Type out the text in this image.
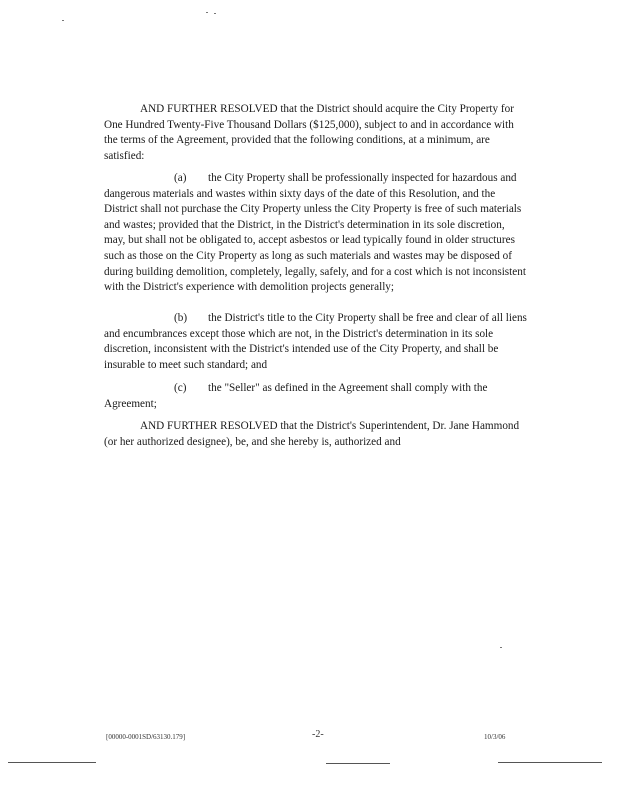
AND FURTHER RESOLVED that the District should acquire the City Property for One Hundred Twenty-Five Thousand Dollars ($125,000), subject to and in accordance with the terms of the Agreement, provided that the following conditions, at a minimum, are satisfied:

(a) the City Property shall be professionally inspected for hazardous and dangerous materials and wastes within sixty days of the date of this Resolution, and the District shall not purchase the City Property unless the City Property is free of such materials and wastes; provided that the District, in the District's determination in its sole discretion, may, but shall not be obligated to, accept asbestos or lead typically found in older structures such as those on the City Property as long as such materials and wastes may be disposed of during building demolition, completely, legally, safely, and for a cost which is not inconsistent with the District's experience with demolition projects generally;

(b) the District's title to the City Property shall be free and clear of all liens and encumbrances except those which are not, in the District's determination in its sole discretion, inconsistent with the District's intended use of the City Property, and shall be insurable to meet such standard; and

(c) the "Seller" as defined in the Agreement shall comply with the Agreement;

AND FURTHER RESOLVED that the District's Superintendent, Dr. Jane Hammond (or her authorized designee), be, and she hereby is, authorized and

[00000-0001SD/63130.179]	-2-	10/3/06
